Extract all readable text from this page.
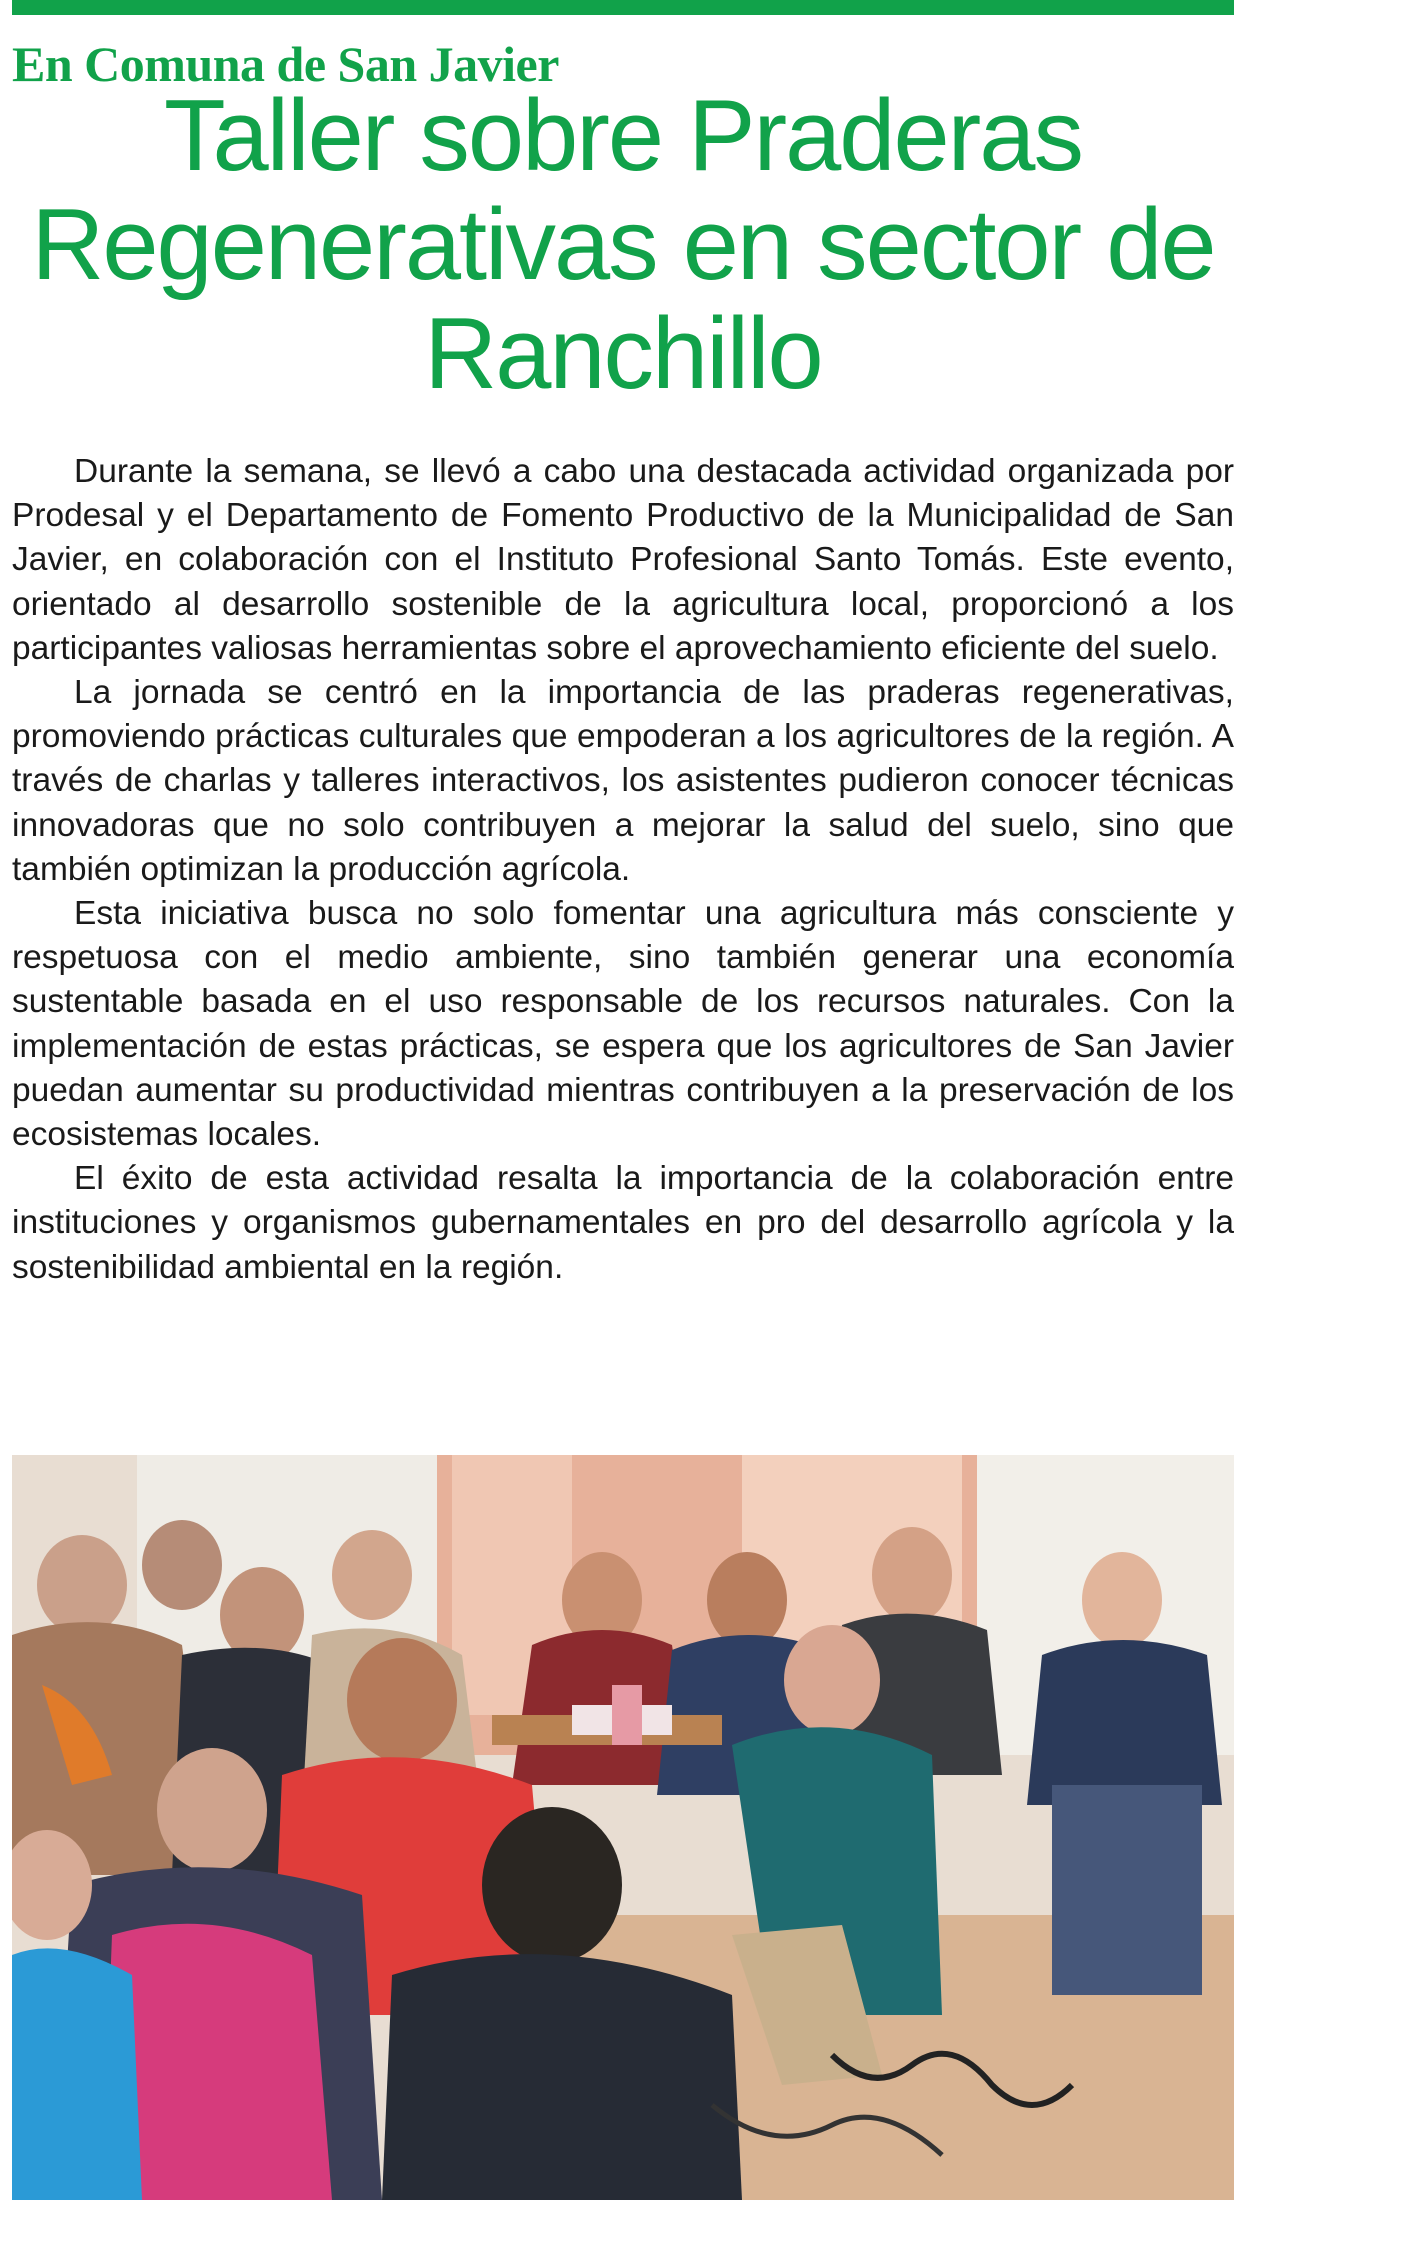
En Comuna de San Javier
Taller sobre Praderas Regenerativas en sector de Ranchillo

Durante la semana, se llevó a cabo una destacada actividad organizada por Prodesal y el Departamento de Fomento Productivo de la Municipalidad de San Javier, en colaboración con el Instituto Profesional Santo Tomás. Este evento, orientado al desarrollo sostenible de la agricultura local, proporcionó a los participantes valiosas herramientas sobre el aprovechamiento eficiente del suelo.

La jornada se centró en la importancia de las praderas regenerativas, promoviendo prácticas culturales que empoderan a los agricultores de la región. A través de charlas y talleres interactivos, los asistentes pudieron conocer técnicas innovadoras que no solo contribuyen a mejorar la salud del suelo, sino que también optimizan la producción agrícola.

Esta iniciativa busca no solo fomentar una agricultura más consciente y respetuosa con el medio ambiente, sino también generar una economía sustentable basada en el uso responsable de los recursos naturales. Con la implementación de estas prácticas, se espera que los agricultores de San Javier puedan aumentar su productividad mientras contribuyen a la preservación de los ecosistemas locales.

El éxito de esta actividad resalta la importancia de la colaboración entre instituciones y organismos gubernamentales en pro del desarrollo agrícola y la sostenibilidad ambiental en la región.
